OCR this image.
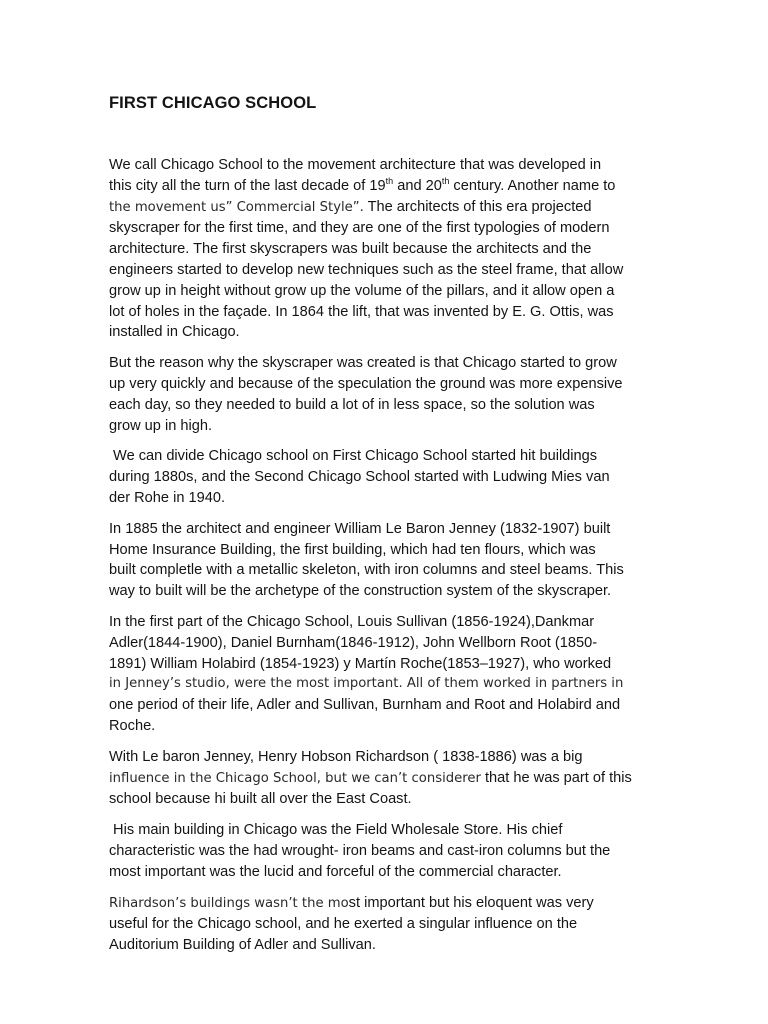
FIRST CHICAGO SCHOOL
We call Chicago School to the movement architecture that was developed in
this city all the turn of the last decade of 19th and 20th century. Another name to
the movement us” Commercial Style”. The architects of this era projected
skyscraper for the first time, and they are one of the first typologies of modern
architecture. The first skyscrapers was built because the architects and the
engineers started to develop new techniques such as the steel frame, that allow
grow up in height without grow up the volume of the pillars, and it allow open a
lot of holes in the façade. In 1864 the lift, that was invented by E. G. Ottis, was
installed in Chicago.
But the reason why the skyscraper was created is that Chicago started to grow
up very quickly and because of the speculation the ground was more expensive
each day, so they needed to build a lot of in less space, so the solution was
grow up in high.
We can divide Chicago school on First Chicago School started hit buildings
during 1880s, and the Second Chicago School started with Ludwing Mies van
der Rohe in 1940.
In 1885 the architect and engineer William Le Baron Jenney (1832-1907) built
Home Insurance Building, the first building, which had ten flours, which was
built completle with a metallic skeleton, with iron columns and steel beams. This
way to built will be the archetype of the construction system of the skyscraper.
In the first part of the Chicago School, Louis Sullivan (1856-1924),Dankmar
Adler(1844-1900), Daniel Burnham(1846-1912), John Wellborn Root (1850-
1891) William Holabird (1854-1923) y Martín Roche(1853–1927), who worked
in Jenney’s studio, were the most important. All of them worked in partners in
one period of their life, Adler and Sullivan, Burnham and Root and Holabird and
Roche.
With Le baron Jenney, Henry Hobson Richardson ( 1838-1886) was a big
influence in the Chicago School, but we can’t considerer that he was part of this
school because hi built all over the East Coast.
His main building in Chicago was the Field Wholesale Store. His chief
characteristic was the had wrought- iron beams and cast-iron columns but the
most important was the lucid and forceful of the commercial character.
Rihardson’s buildings wasn’t the most important but his eloquent was very
useful for the Chicago school, and he exerted a singular influence on the
Auditorium Building of Adler and Sullivan.
